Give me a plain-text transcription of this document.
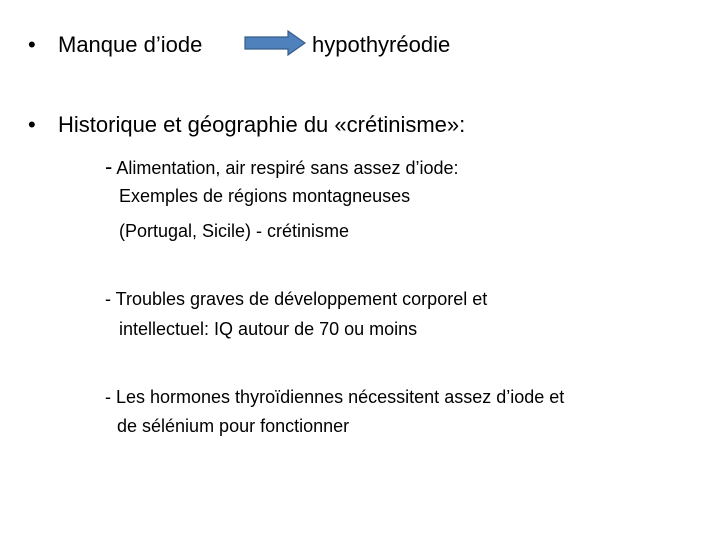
• Manque d’iode	hypothyréodie
• Historique et géographie du «crétinisme»:
- Alimentation, air respiré sans assez d’iode:
Exemples de régions montagneuses
(Portugal, Sicile) - crétinisme
- Troubles graves de développement corporel et
intellectuel: IQ autour de 70 ou moins
- Les hormones thyroïdiennes nécessitent assez d’iode et
de sélénium pour fonctionner
